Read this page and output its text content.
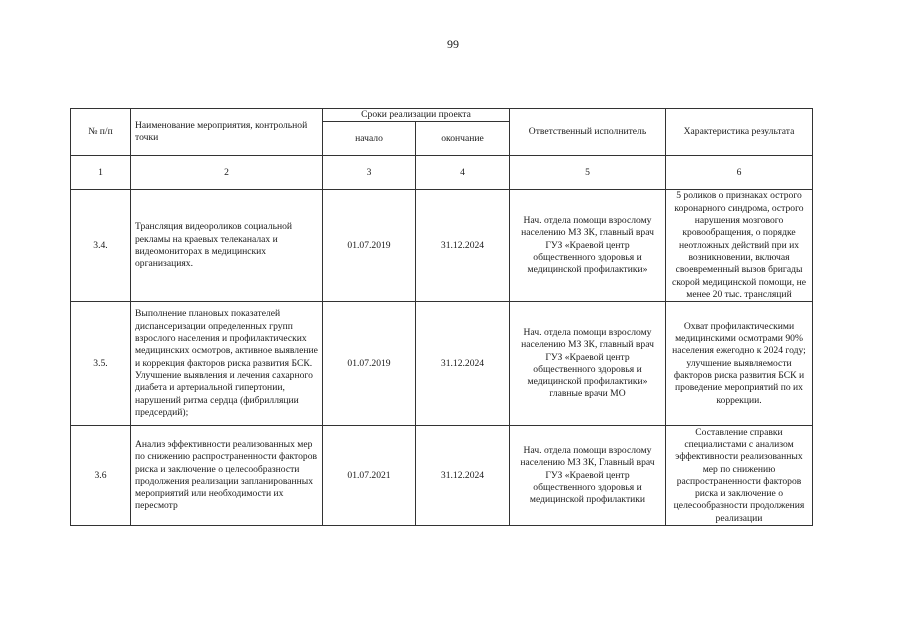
99
№ п/п	Наименование мероприятия, контрольной точки	Сроки реализации проекта		Ответственный исполнитель	Характеристика результата
		начало	окончание		
1	2	3	4	5	6
3.4.	Трансляция видеороликов социальной рекламы на краевых телеканалах и видеомониторах в медицинских организациях.	01.07.2019	31.12.2024	Нач. отдела помощи взрослому населению МЗ ЗК, главный врач ГУЗ «Краевой центр общественного здоровья и медицинской профилактики»	5 роликов о признаках острого коронарного синдрома, острого нарушения мозгового кровообращения, о порядке неотложных действий при их возникновении, включая своевременный вызов бригады скорой медицинской помощи, не менее 20 тыс. трансляций
3.5.	Выполнение плановых показателей диспансеризации определенных групп взрослого населения и профилактических медицинских осмотров, активное выявление и коррекция факторов риска развития БСК. Улучшение выявления и лечения сахарного диабета и артериальной гипертонии, нарушений ритма сердца (фибрилляции предсердий);	01.07.2019	31.12.2024	Нач. отдела помощи взрослому населению МЗ ЗК, главный врач ГУЗ «Краевой центр общественного здоровья и медицинской профилактики» главные врачи МО	Охват профилактическими медицинскими осмотрами 90% населения ежегодно к 2024 году; улучшение выявляемости факторов риска развития БСК и проведение мероприятий по их коррекции.
3.6	Анализ эффективности реализованных мер по снижению распространенности факторов риска и заключение о целесообразности продолжения реализации запланированных мероприятий или необходимости их пересмотр	01.07.2021	31.12.2024	Нач. отдела помощи взрослому населению МЗ ЗК, Главный врач ГУЗ «Краевой центр общественного здоровья и медицинской профилактики	Составление справки специалистами с анализом эффективности реализованных мер по снижению распространенности факторов риска и заключение о целесообразности продолжения реализации
